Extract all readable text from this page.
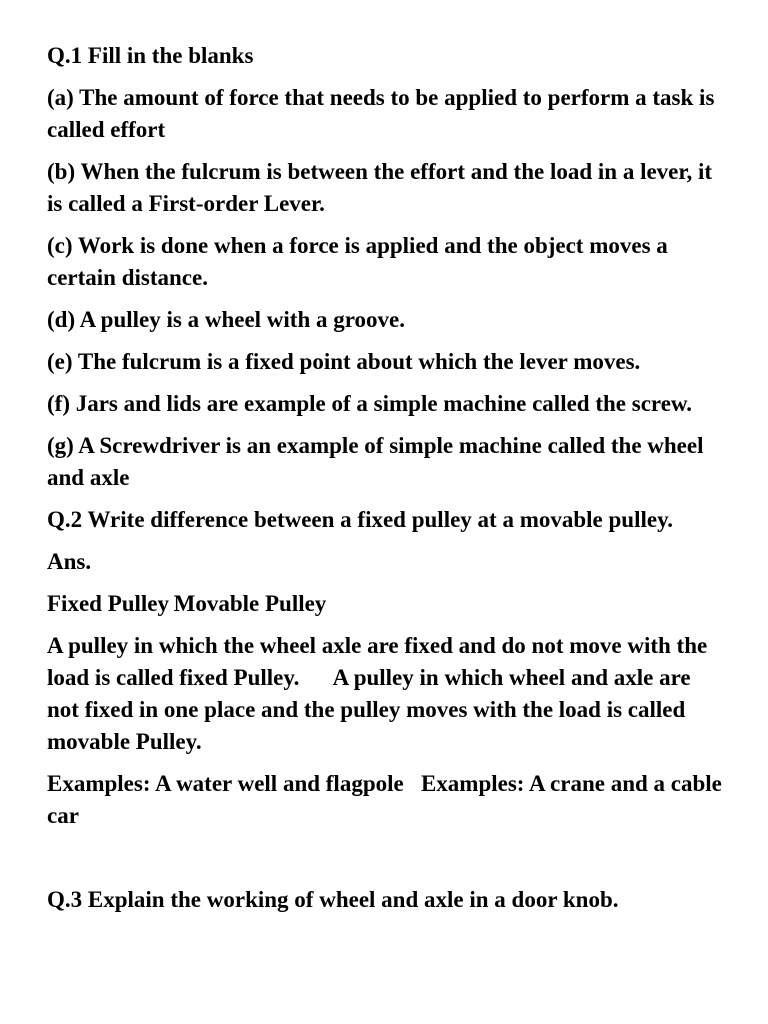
Q.1 Fill in the blanks

(a) The amount of force that needs to be applied to perform a task is called effort

(b) When the fulcrum is between the effort and the load in a lever, it is called a First-order Lever.

(c) Work is done when a force is applied and the object moves a certain distance.

(d) A pulley is a wheel with a groove.

(e) The fulcrum is a fixed point about which the lever moves.

(f) Jars and lids are example of a simple machine called the screw.

(g) A Screwdriver is an example of simple machine called the wheel and axle

Q.2 Write difference between a fixed pulley at a movable pulley.

Ans.

Fixed Pulley Movable Pulley

A pulley in which the wheel axle are fixed and do not move with the load is called fixed Pulley.      A pulley in which wheel and axle are not fixed in one place and the pulley moves with the load is called movable Pulley.

Examples: A water well and flagpole   Examples: A crane and a cable car

Q.3 Explain the working of wheel and axle in a door knob.
